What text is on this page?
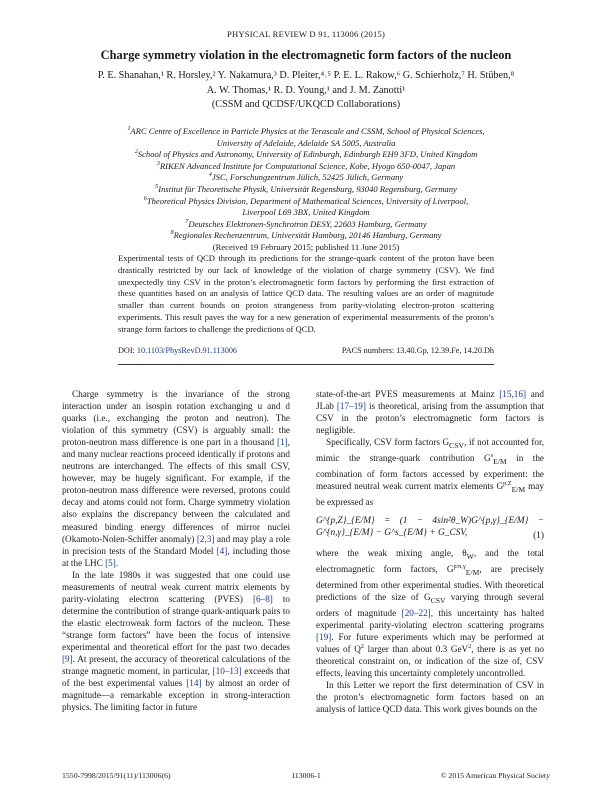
PHYSICAL REVIEW D 91, 113006 (2015)
Charge symmetry violation in the electromagnetic form factors of the nucleon
P. E. Shanahan,¹ R. Horsley,² Y. Nakamura,³ D. Pleiter,⁴˒⁵ P. E. L. Rakow,⁶ G. Schierholz,⁷ H. Stüben,⁸
A. W. Thomas,¹ R. D. Young,¹ and J. M. Zanotti¹
(CSSM and QCDSF/UKQCD Collaborations)
$^1$ARC Centre of Excellence in Particle Physics at the Terascale and CSSM, School of Physical Sciences,
University of Adelaide, Adelaide SA 5005, Australia
$^2$School of Physics and Astronomy, University of Edinburgh, Edinburgh EH9 3FD, United Kingdom
$^3$RIKEN Advanced Institute for Computational Science, Kobe, Hyogo 650-0047, Japan
$^4$JSC, Forschungzentrum Jülich, 52425 Jülich, Germany
$^5$Institut für Theoretische Physik, Universität Regensburg, 93040 Regensburg, Germany
$^6$Theoretical Physics Division, Department of Mathematical Sciences, University of Liverpool,
Liverpool L69 3BX, United Kingdom
$^7$Deutsches Elektronen-Synchrotron DESY, 22603 Hamburg, Germany
$^8$Regionales Rechenzentrum, Universität Hamburg, 20146 Hamburg, Germany
(Received 19 February 2015; published 11 June 2015)
Experimental tests of QCD through its predictions for the strange-quark content of the proton have been drastically restricted by our lack of knowledge of the violation of charge symmetry (CSV). We find unexpectedly tiny CSV in the proton’s electromagnetic form factors by performing the first extraction of these quantities based on an analysis of lattice QCD data. The resulting values are an order of magnitude smaller than current bounds on proton strangeness from parity-violating electron-proton scattering experiments. This result paves the way for a new generation of experimental measurements of the proton’s strange form factors to challenge the predictions of QCD.
DOI: 10.1103/PhysRevD.91.113006	PACS numbers: 13.40.Gp, 12.39.Fe, 14.20.Dh

Charge symmetry is the invariance of the strong interaction under an isospin rotation exchanging u and d quarks (i.e., exchanging the proton and neutron). The violation of this symmetry (CSV) is arguably small: the proton-neutron mass difference is one part in a thousand [1], and many nuclear reactions proceed identically if protons and neutrons are interchanged. The effects of this small CSV, however, may be hugely significant. For example, if the proton-neutron mass difference were reversed, protons could decay and atoms could not form. Charge symmetry violation also explains the discrepancy between the calculated and measured binding energy differences of mirror nuclei (Okamoto-Nolen-Schiffer anomaly) [2,3] and may play a role in precision tests of the Standard Model [4], including those at the LHC [5].

In the late 1980s it was suggested that one could use measurements of neutral weak current matrix elements by parity-violating electron scattering (PVES) [6–8] to determine the contribution of strange quark-antiquark pairs to the elastic electroweak form factors of the nucleon. These “strange form factors” have been the focus of intensive experimental and theoretical effort for the past two decades [9]. At present, the accuracy of theoretical calculations of the strange magnetic moment, in particular, [10–13] exceeds that of the best experimental values [14] by almost an order of magnitude—a remarkable exception in strong-interaction physics. The limiting factor in future

state-of-the-art PVES measurements at Mainz [15,16] and JLab [17–19] is theoretical, arising from the assumption that CSV in the proton’s electromagnetic form factors is negligible.

Specifically, CSV form factors $G_{CSV}$, if not accounted for, mimic the strange-quark contribution $G^s_{E/M}$ in the combination of form factors accessed by experiment: the measured neutral weak current matrix elements $G^{p,Z}_{E/M}$ may be expressed as

G^{p,Z}_{E/M} = (1 − 4sin²θ_W)G^{p,γ}_{E/M} − G^{n,γ}_{E/M} − G^s_{E/M} + G_CSV,	(1)

where the weak mixing angle, $\theta_W$, and the total electromagnetic form factors, $G^{p/n,\gamma}_{E/M}$, are precisely determined from other experimental studies. With theoretical predictions of the size of $G_{CSV}$ varying through several orders of magnitude [20–22], this uncertainty has halted experimental parity-violating electron scattering programs [19]. For future experiments which may be performed at values of $Q^2$ larger than about 0.3 GeV$^2$, there is as yet no theoretical constraint on, or indication of the size of, CSV effects, leaving this uncertainty completely uncontrolled.

In this Letter we report the first determination of CSV in the proton’s electromagnetic form factors based on an analysis of lattice QCD data. This work gives bounds on the

1550-7998/2015/91(11)/113006(6)	113006-1	© 2015 American Physical Society
